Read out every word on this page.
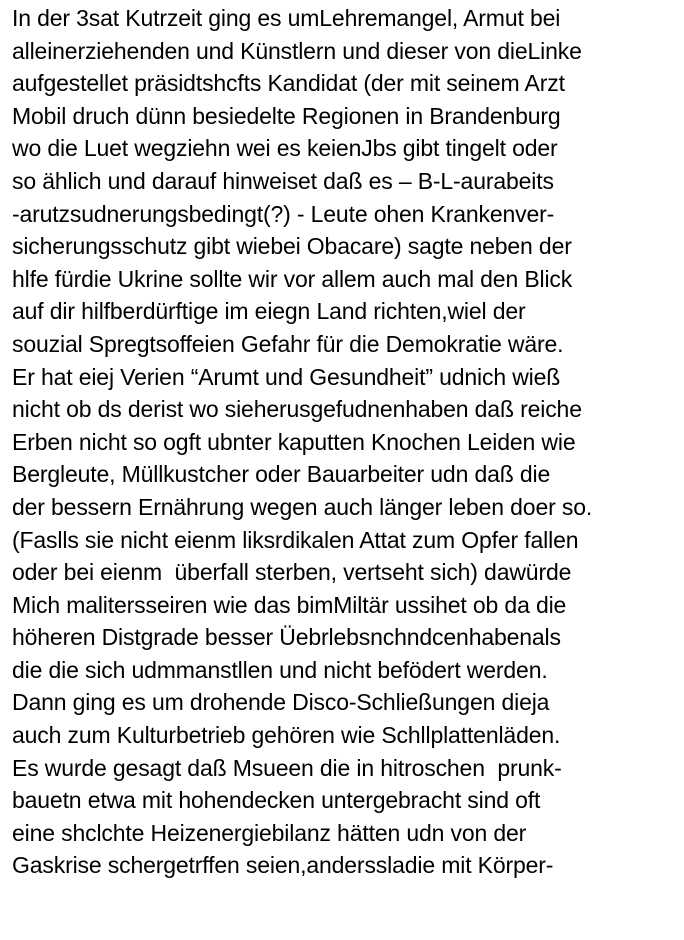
In der 3sat Kutrzeit ging es umLehremangel, Armut bei
alleinerziehenden und Künstlern und dieser von dieLinke
aufgestellet präsidtshcfts Kandidat (der mit seinem Arzt
Mobil druch dünn besiedelte Regionen in Brandenburg
wo die Luet wegziehn wei es keienJbs gibt tingelt oder
so ählich und darauf hinweiset daß es – B-L-aurabeits
-arutzsudnerungsbedingt(?) - Leute ohen Krankenver-
sicherungsschutz gibt wiebei Obacare) sagte neben der
hlfe fürdie Ukrine sollte wir vor allem auch mal den Blick
auf dir hilfberdürftige im eiegn Land richten,wiel der
souzial Spregtsoffeien Gefahr für die Demokratie wäre.
Er hat eiej Verien “Arumt und Gesundheit” udnich wieß
nicht ob ds derist wo sieherusgefudnenhaben daß reiche
Erben nicht so ogft ubnter kaputten Knochen Leiden wie
Bergleute, Müllkustcher oder Bauarbeiter udn daß die
der bessern Ernährung wegen auch länger leben doer so.
(Faslls sie nicht eienm liksrdikalen Attat zum Opfer fallen
oder bei eienm  überfall sterben, vertseht sich) dawürde
Mich malitersseiren wie das bimMiltär ussihet ob da die
höheren Distgrade besser Üebrlebsnchndcenhabenals
die die sich udmmanstllen und nicht befödert werden.
Dann ging es um drohende Disco-Schließungen dieja
auch zum Kulturbetrieb gehören wie Schllplattenläden.
Es wurde gesagt daß Msueen die in hitroschen  prunk-
bauetn etwa mit hohendecken untergebracht sind oft
eine shclchte Heizenergiebilanz hätten udn von der
Gaskrise schergetrffen seien,anderssladie mit Körper-
